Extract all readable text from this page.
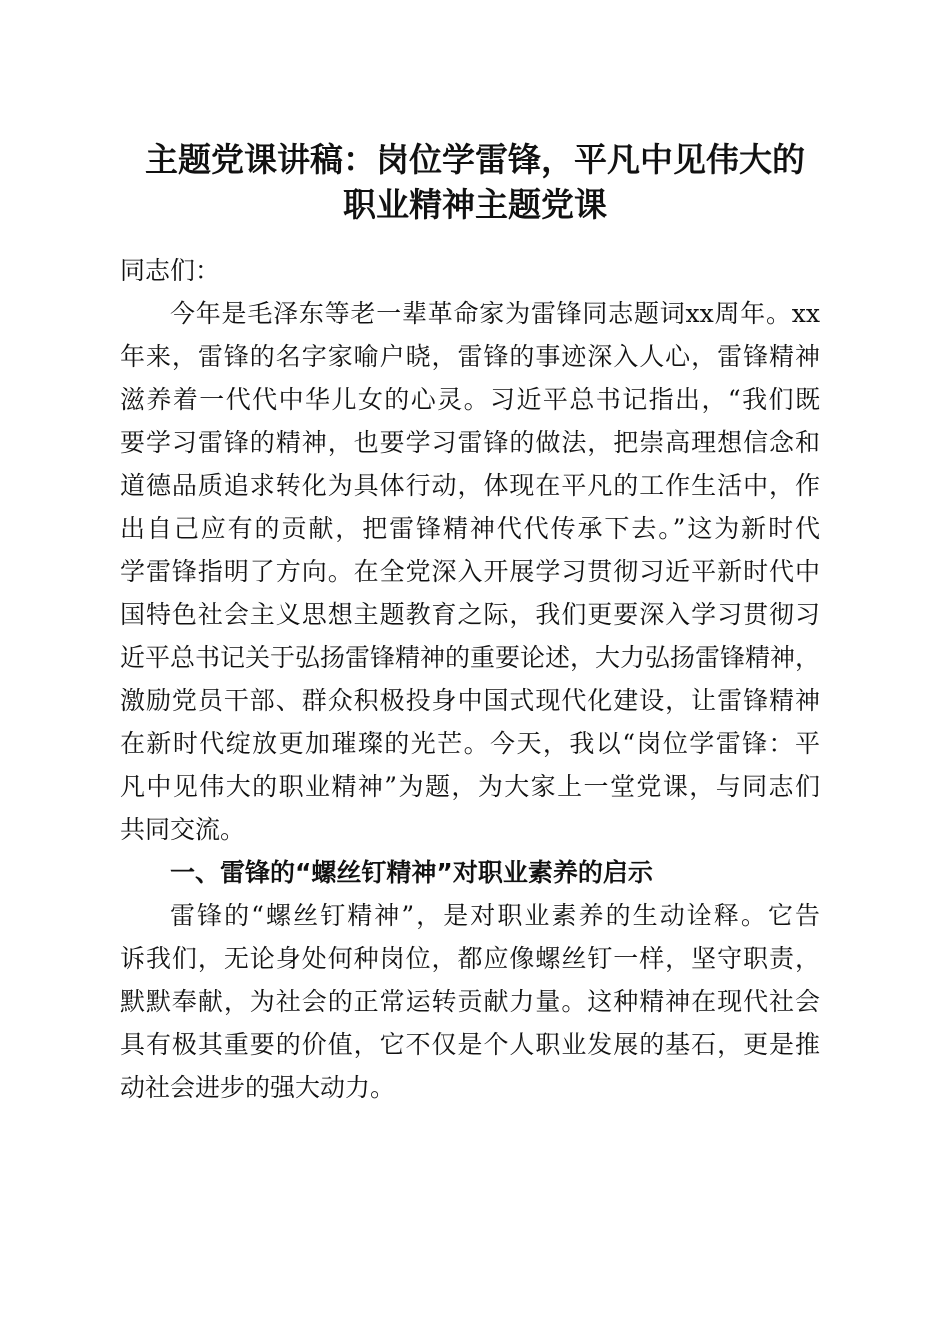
主题党课讲稿：岗位学雷锋，平凡中见伟大的
职业精神主题党课
同志们：
今年是毛泽东等老一辈革命家为雷锋同志题词xx周年。xx
年来，雷锋的名字家喻户晓，雷锋的事迹深入人心，雷锋精神
滋养着一代代中华儿女的心灵。习近平总书记指出，“我们既
要学习雷锋的精神，也要学习雷锋的做法，把崇高理想信念和
道德品质追求转化为具体行动，体现在平凡的工作生活中，作
出自己应有的贡献，把雷锋精神代代传承下去。”这为新时代
学雷锋指明了方向。在全党深入开展学习贯彻习近平新时代中
国特色社会主义思想主题教育之际，我们更要深入学习贯彻习
近平总书记关于弘扬雷锋精神的重要论述，大力弘扬雷锋精神，
激励党员干部、群众积极投身中国式现代化建设，让雷锋精神
在新时代绽放更加璀璨的光芒。今天，我以“岗位学雷锋：平
凡中见伟大的职业精神”为题，为大家上一堂党课，与同志们
共同交流。
一、雷锋的“螺丝钉精神”对职业素养的启示
雷锋的“螺丝钉精神”，是对职业素养的生动诠释。它告
诉我们，无论身处何种岗位，都应像螺丝钉一样，坚守职责，
默默奉献，为社会的正常运转贡献力量。这种精神在现代社会
具有极其重要的价值，它不仅是个人职业发展的基石，更是推
动社会进步的强大动力。
